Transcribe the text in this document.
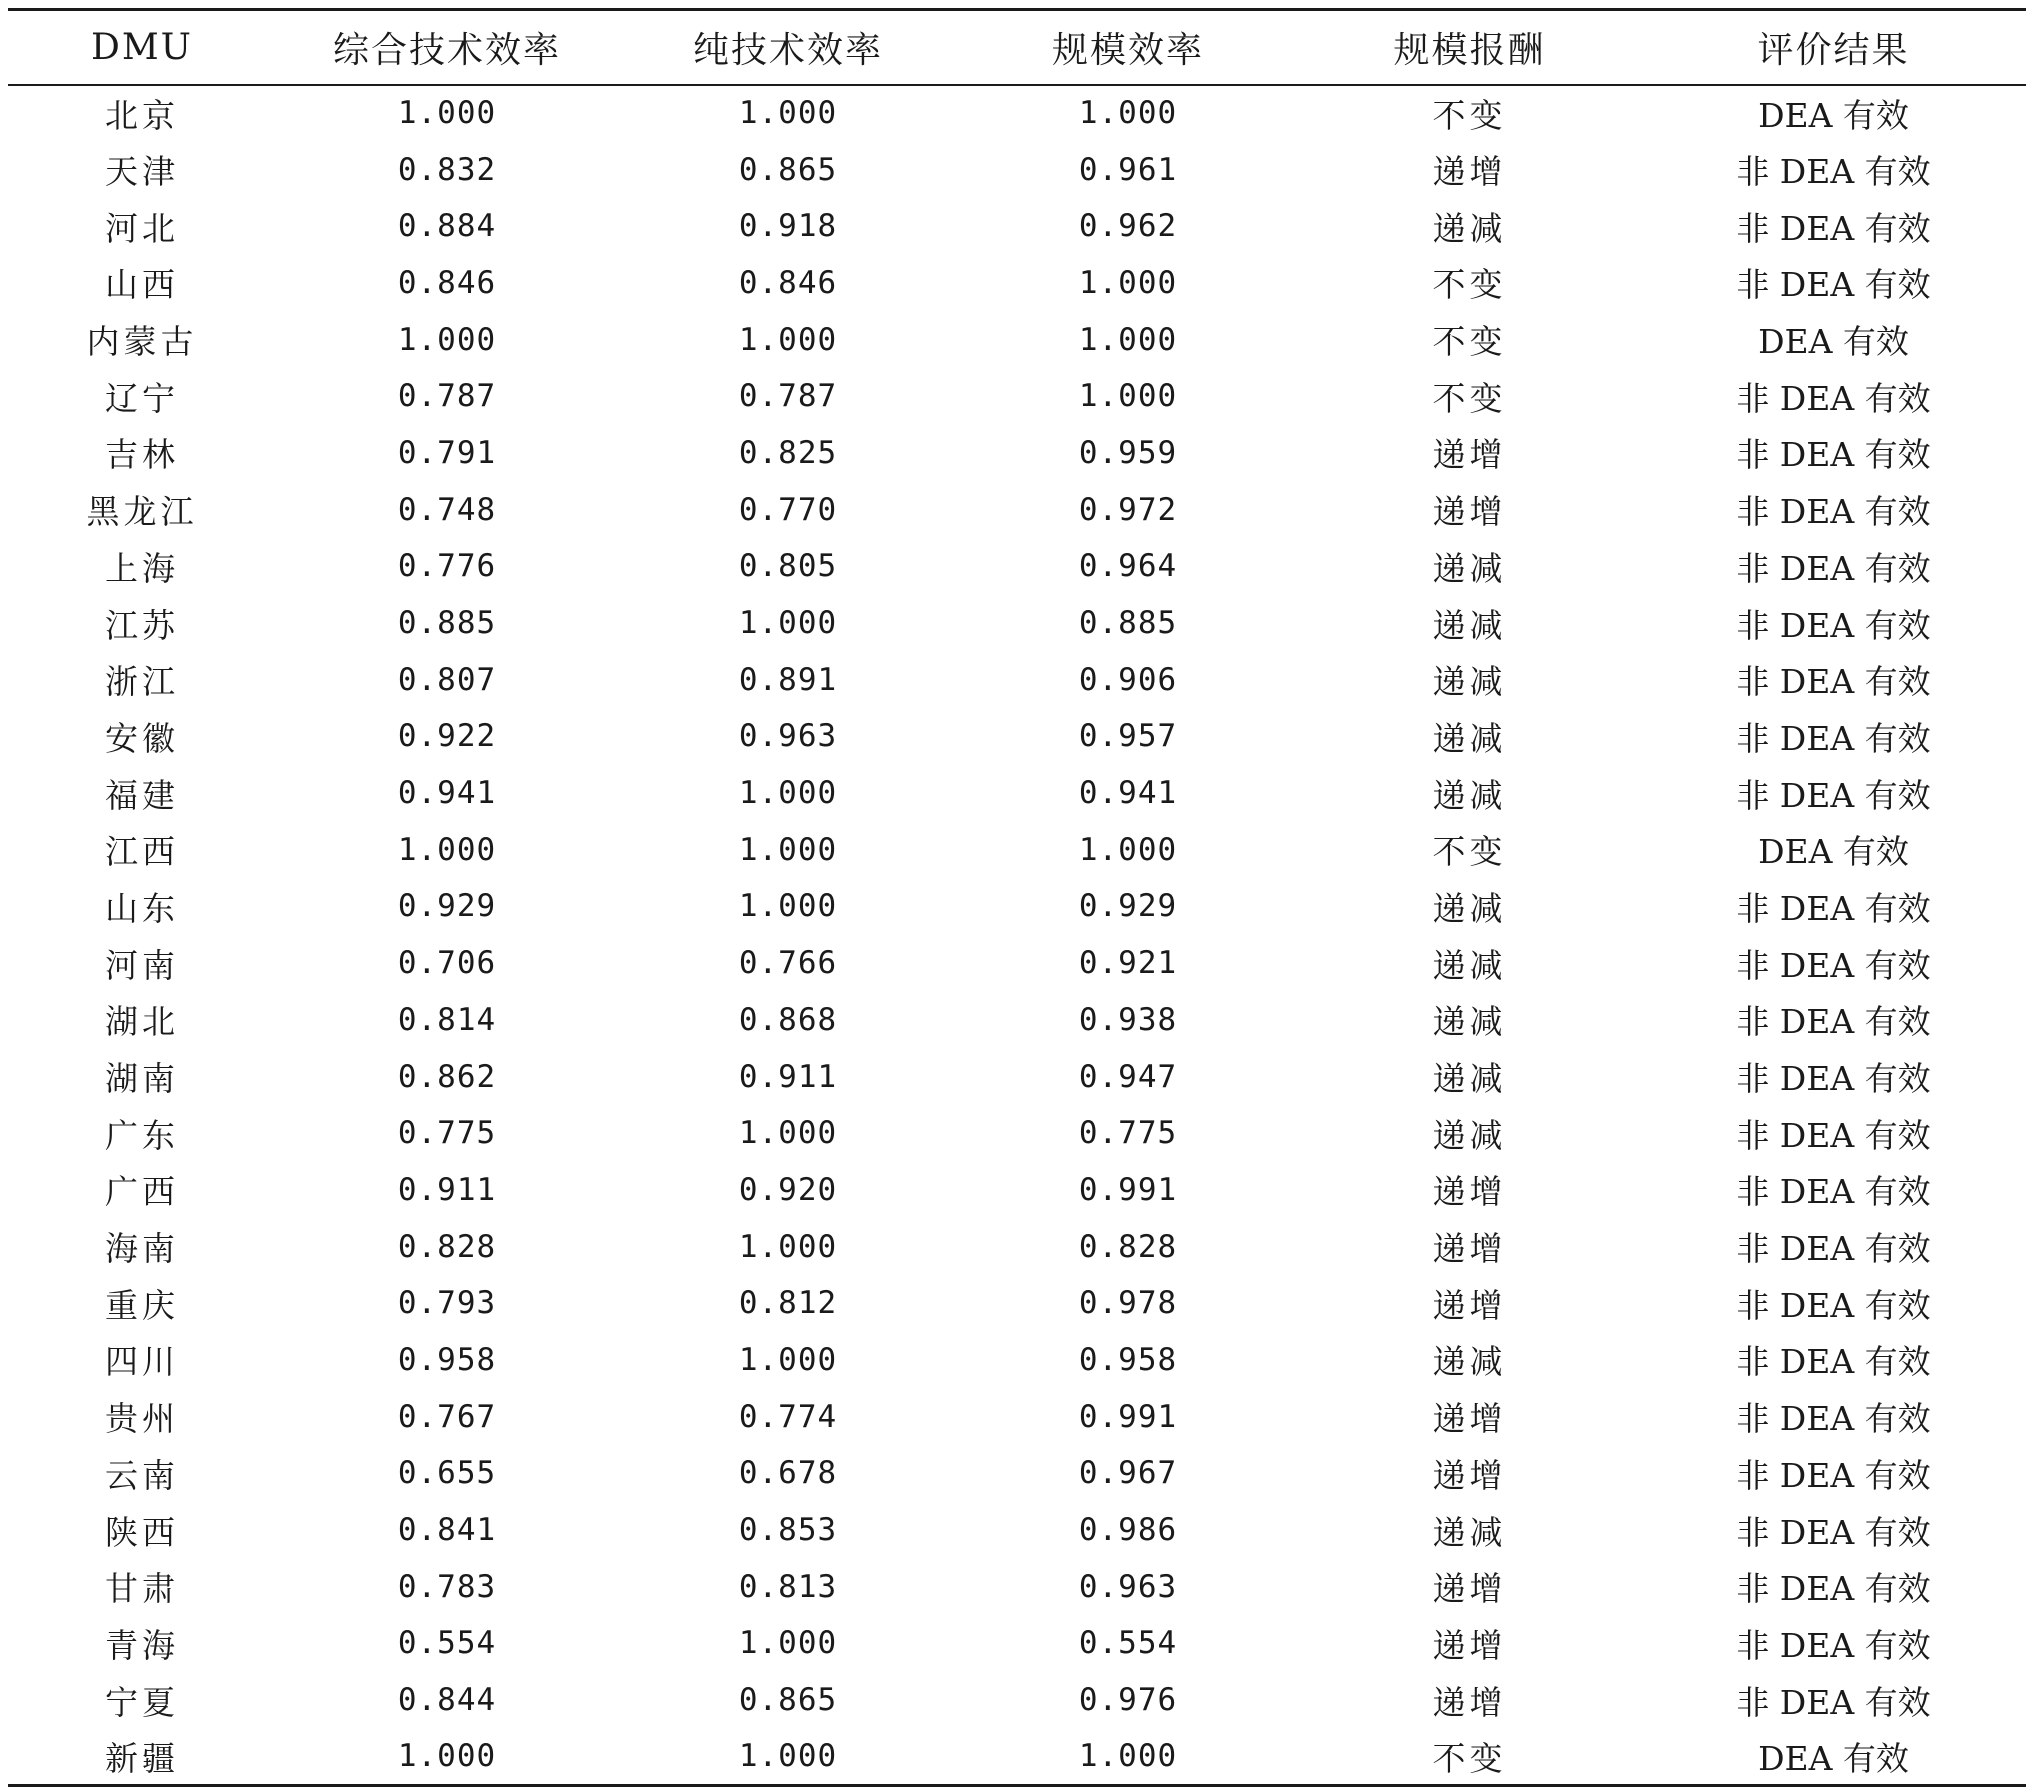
DMU	综合技术效率	纯技术效率	规模效率	规模报酬	评价结果
北京	1.000	1.000	1.000	不变	DEA 有效
天津	0.832	0.865	0.961	递增	非 DEA 有效
河北	0.884	0.918	0.962	递减	非 DEA 有效
山西	0.846	0.846	1.000	不变	非 DEA 有效
内蒙古	1.000	1.000	1.000	不变	DEA 有效
辽宁	0.787	0.787	1.000	不变	非 DEA 有效
吉林	0.791	0.825	0.959	递增	非 DEA 有效
黑龙江	0.748	0.770	0.972	递增	非 DEA 有效
上海	0.776	0.805	0.964	递减	非 DEA 有效
江苏	0.885	1.000	0.885	递减	非 DEA 有效
浙江	0.807	0.891	0.906	递减	非 DEA 有效
安徽	0.922	0.963	0.957	递减	非 DEA 有效
福建	0.941	1.000	0.941	递减	非 DEA 有效
江西	1.000	1.000	1.000	不变	DEA 有效
山东	0.929	1.000	0.929	递减	非 DEA 有效
河南	0.706	0.766	0.921	递减	非 DEA 有效
湖北	0.814	0.868	0.938	递减	非 DEA 有效
湖南	0.862	0.911	0.947	递减	非 DEA 有效
广东	0.775	1.000	0.775	递减	非 DEA 有效
广西	0.911	0.920	0.991	递增	非 DEA 有效
海南	0.828	1.000	0.828	递增	非 DEA 有效
重庆	0.793	0.812	0.978	递增	非 DEA 有效
四川	0.958	1.000	0.958	递减	非 DEA 有效
贵州	0.767	0.774	0.991	递增	非 DEA 有效
云南	0.655	0.678	0.967	递增	非 DEA 有效
陕西	0.841	0.853	0.986	递减	非 DEA 有效
甘肃	0.783	0.813	0.963	递增	非 DEA 有效
青海	0.554	1.000	0.554	递增	非 DEA 有效
宁夏	0.844	0.865	0.976	递增	非 DEA 有效
新疆	1.000	1.000	1.000	不变	DEA 有效
